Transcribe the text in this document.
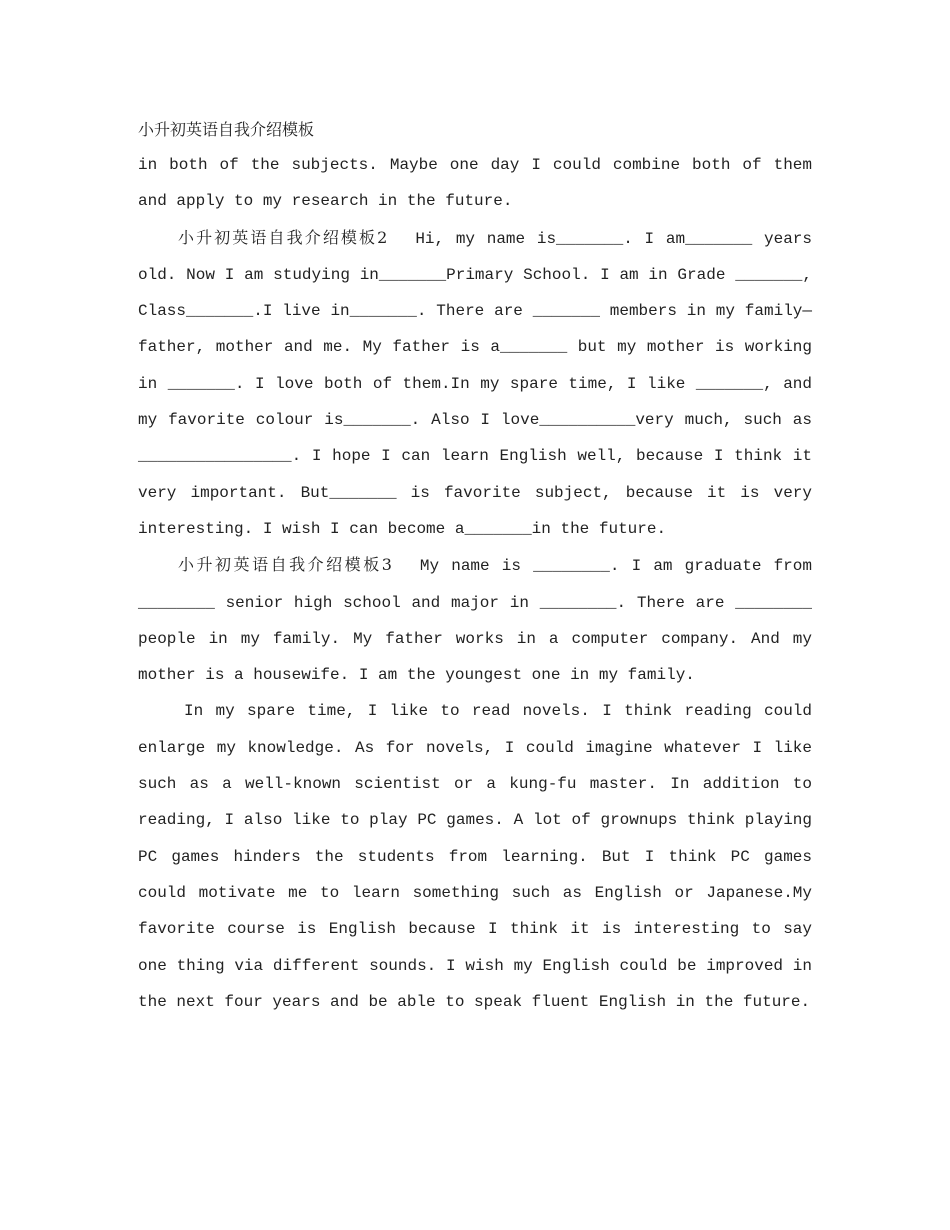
小升初英语自我介绍模板

in both of the subjects. Maybe one day I could combine both of them and apply to my research in the future.

小升初英语自我介绍模板2 Hi, my name is_______. I am_______ years old. Now I am studying in_______Primary School. I am in Grade _______, Class_______.I live in_______. There are _______ members in my family—father, mother and me. My father is a_______ but my mother is working in _______. I love both of them.In my spare time, I like _______, and my favorite colour is_______. Also I love__________very much, such as ________________. I hope I can learn English well, because I think it very important. But_______ is favorite subject, because it is very interesting. I wish I can become a_______in the future.

小升初英语自我介绍模板3 My name is ________. I am graduate from ________ senior high school and major in ________. There are ________ people in my family. My father works in a computer company. And my mother is a housewife. I am the youngest one in my family.

In my spare time, I like to read novels. I think reading could enlarge my knowledge. As for novels, I could imagine whatever I like such as a well-known scientist or a kung-fu master. In addition to reading, I also like to play PC games. A lot of grownups think playing PC games hinders the students from learning. But I think PC games could motivate me to learn something such as English or Japanese.My favorite course is English because I think it is interesting to say one thing via different sounds. I wish my English could be improved in the next four years and be able to speak fluent English in the future.
